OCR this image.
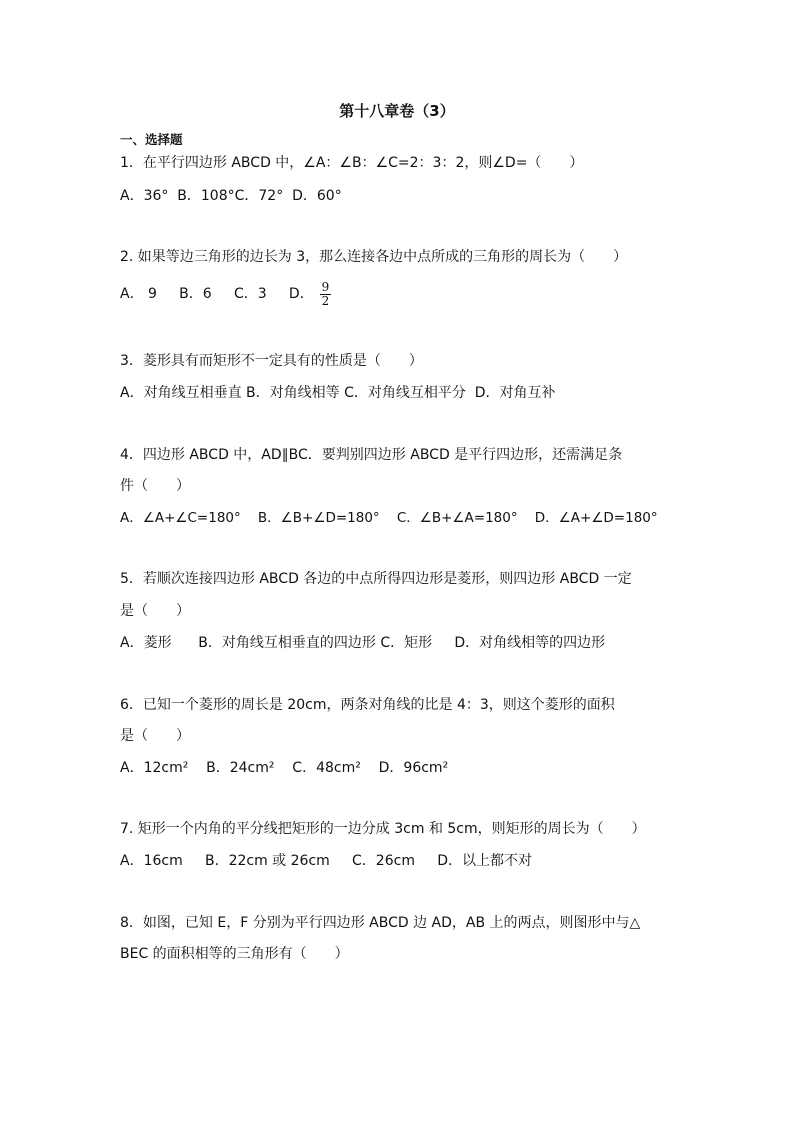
第十八章卷（3）
一、选择题
1．在平行四边形 ABCD 中，∠A：∠B：∠C=2：3：2，则∠D=（　　）
A．36°  B．108°C．72°  D．60°
2. 如果等边三角形的边长为 3，那么连接各边中点所成的三角形的周长为（　　）
A． 9     B．6     C．3     D． $\frac{9}{2}$
3．菱形具有而矩形不一定具有的性质是（　　）
A．对角线互相垂直 B．对角线相等 C．对角线互相平分  D．对角互补
4．四边形 ABCD 中，AD∥BC．要判别四边形 ABCD 是平行四边形，还需满足条
件（　　）
A．∠A+∠C=180°    B．∠B+∠D=180°    C．∠B+∠A=180°    D．∠A+∠D=180°
5．若顺次连接四边形 ABCD 各边的中点所得四边形是菱形，则四边形 ABCD 一定
是（　　）
A．菱形      B．对角线互相垂直的四边形 C．矩形     D．对角线相等的四边形
6．已知一个菱形的周长是 20cm，两条对角线的比是 4：3，则这个菱形的面积
是（　　）
A．12cm²    B．24cm²    C．48cm²    D．96cm²
7. 矩形一个内角的平分线把矩形的一边分成 3cm 和 5cm，则矩形的周长为（　　）
A．16cm     B．22cm 或 26cm     C．26cm     D．以上都不对
8．如图，已知 E，F 分别为平行四边形 ABCD 边 AD，AB 上的两点，则图形中与△
BEC 的面积相等的三角形有（　　）
